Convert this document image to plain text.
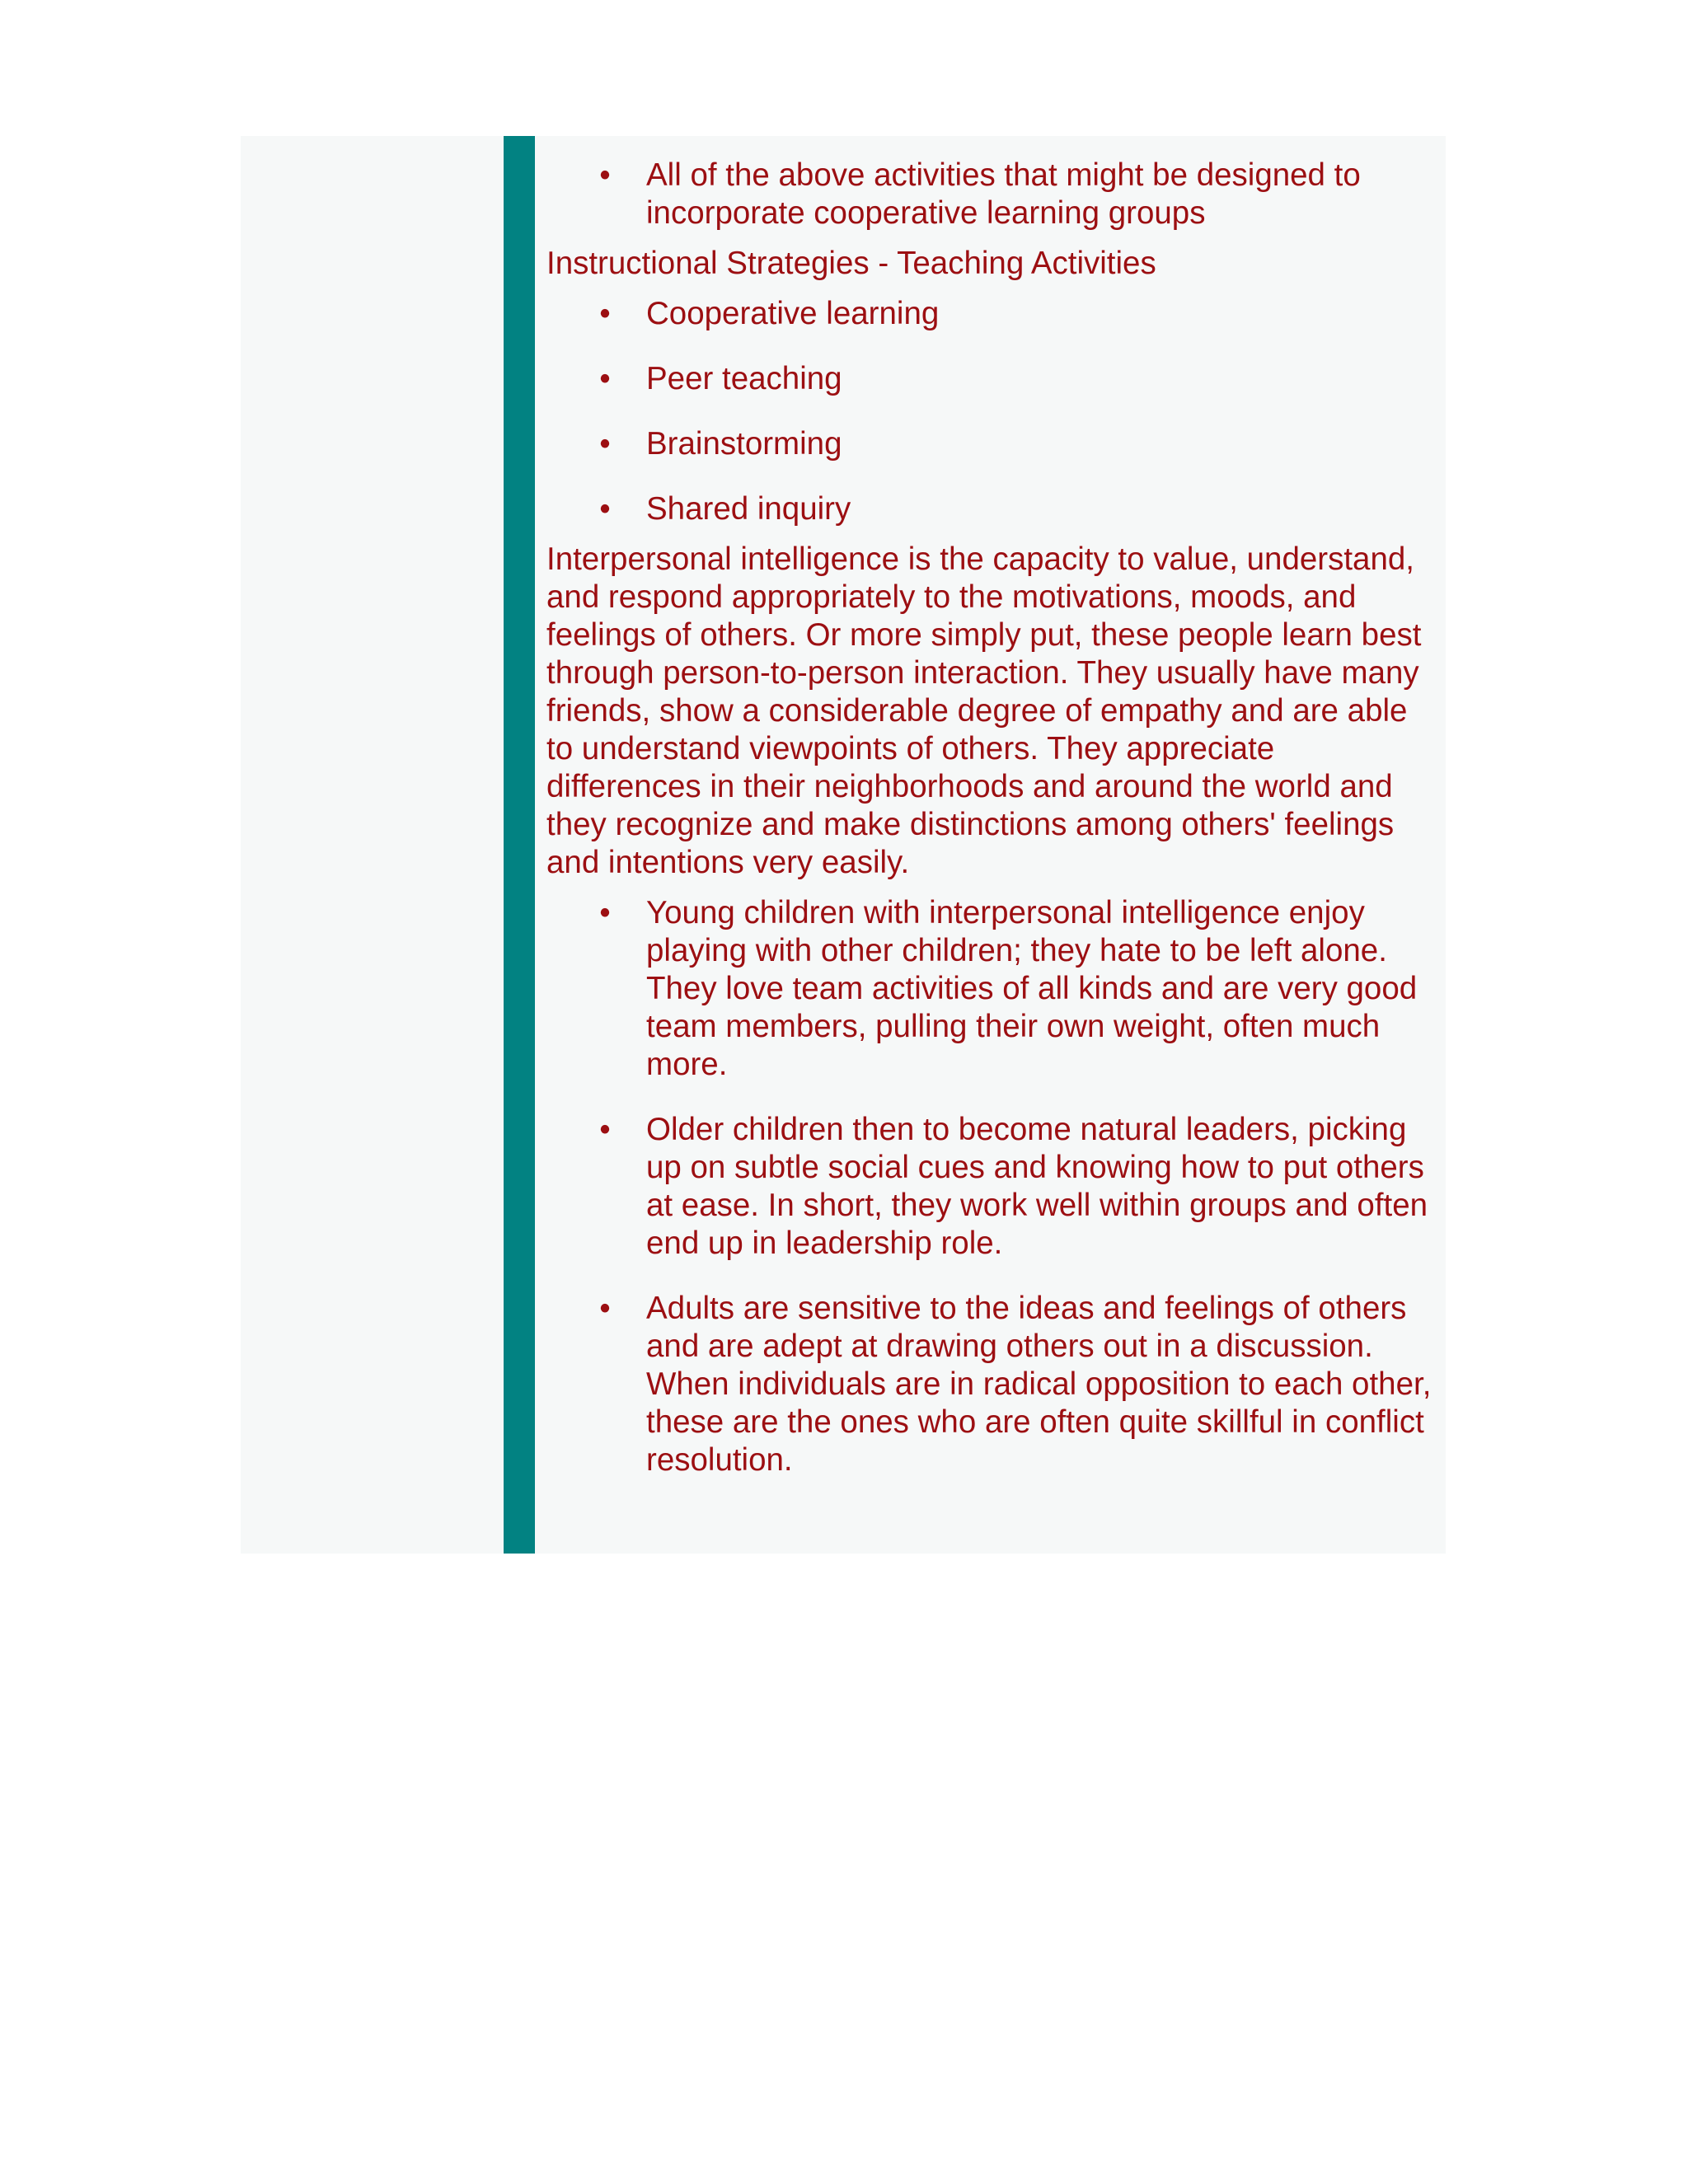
• All of the above activities that might be designed to incorporate cooperative learning groups
Instructional Strategies - Teaching Activities
• Cooperative learning
• Peer teaching
• Brainstorming
• Shared inquiry

Interpersonal intelligence is the capacity to value, understand, and respond appropriately to the motivations, moods, and feelings of others. Or more simply put, these people learn best through person-to-person interaction. They usually have many friends, show a considerable degree of empathy and are able to understand viewpoints of others. They appreciate differences in their neighborhoods and around the world and they recognize and make distinctions among others' feelings and intentions very easily.

• Young children with interpersonal intelligence enjoy playing with other children; they hate to be left alone. They love team activities of all kinds and are very good team members, pulling their own weight, often much more.
• Older children then to become natural leaders, picking up on subtle social cues and knowing how to put others at ease. In short, they work well within groups and often end up in leadership role.
• Adults are sensitive to the ideas and feelings of others and are adept at drawing others out in a discussion. When individuals are in radical opposition to each other, these are the ones who are often quite skillful in conflict resolution.
